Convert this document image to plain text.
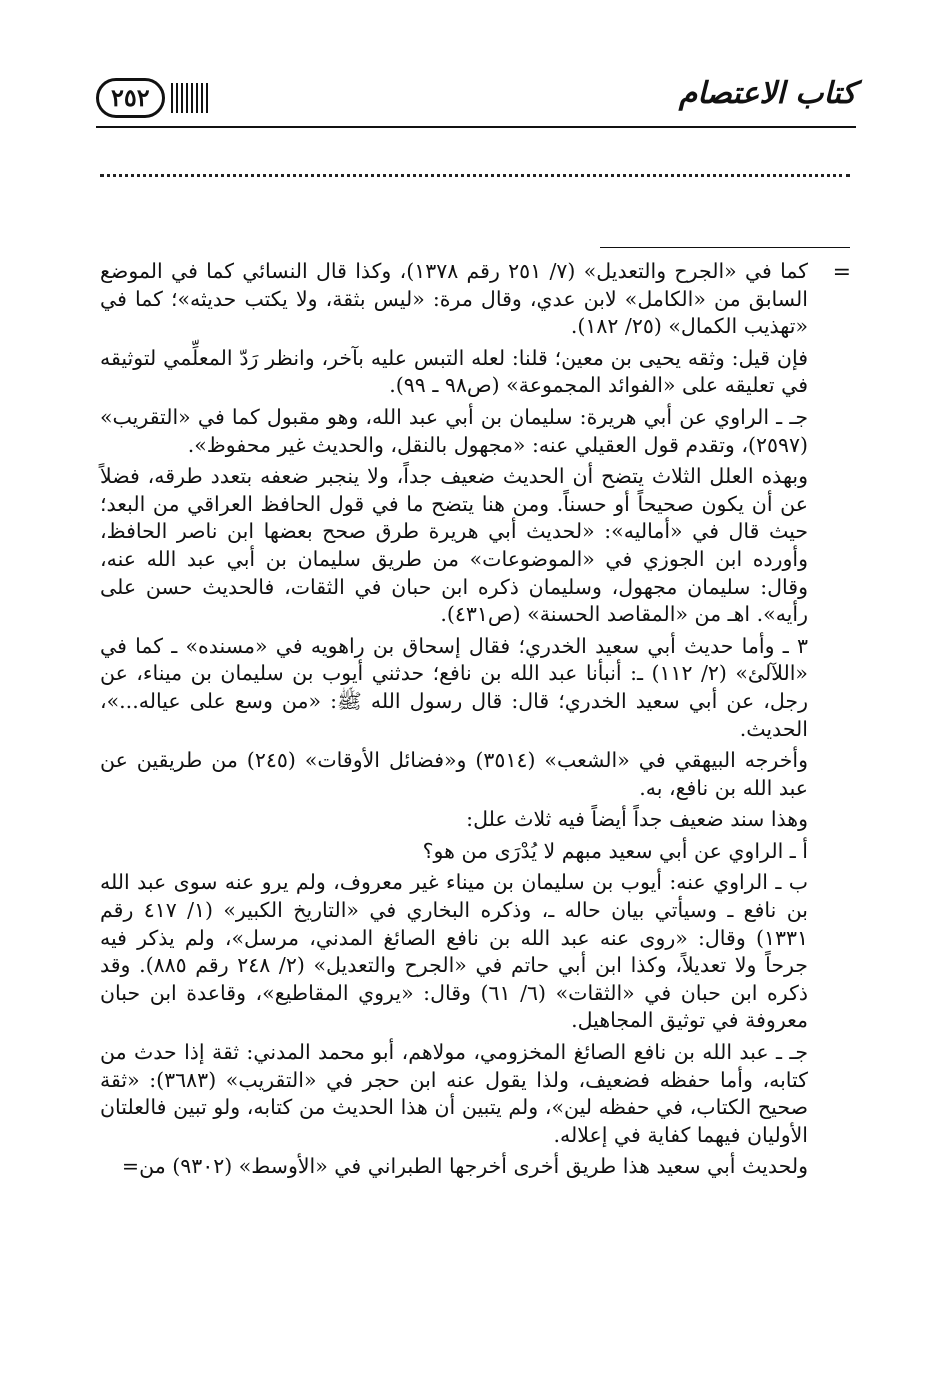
كتاب الاعتصام
٢٥٢
=

كما في «الجرح والتعديل» (٧/ ٢٥١ رقم ١٣٧٨)، وكذا قال النسائي كما في الموضع السابق من «الكامل» لابن عدي، وقال مرة: «ليس بثقة، ولا يكتب حديثه»؛ كما في «تهذيب الكمال» (٢٥/ ١٨٢).

فإن قيل: وثقه يحيى بن معين؛ قلنا: لعله التبس عليه بآخر، وانظر رَدّ المعلِّمي لتوثيقه في تعليقه على «الفوائد المجموعة» (ص٩٨ ـ ٩٩).

جـ ـ الراوي عن أبي هريرة: سليمان بن أبي عبد الله، وهو مقبول كما في «التقريب» (٢٥٩٧)، وتقدم قول العقيلي عنه: «مجهول بالنقل، والحديث غير محفوظ».

وبهذه العلل الثلاث يتضح أن الحديث ضعيف جداً، ولا ينجبر ضعفه بتعدد طرقه، فضلاً عن أن يكون صحيحاً أو حسناً. ومن هنا يتضح ما في قول الحافظ العراقي من البعد؛ حيث قال في «أماليه»: «لحديث أبي هريرة طرق صحح بعضها ابن ناصر الحافظ، وأورده ابن الجوزي في «الموضوعات» من طريق سليمان بن أبي عبد الله عنه، وقال: سليمان مجهول، وسليمان ذكره ابن حبان في الثقات، فالحديث حسن على رأيه». اهـ من «المقاصد الحسنة» (ص٤٣١).

٣ ـ وأما حديث أبي سعيد الخدري؛ فقال إسحاق بن راهويه في «مسنده» ـ كما في «اللآلئ» (٢/ ١١٢) ـ: أنبأنا عبد الله بن نافع؛ حدثني أيوب بن سليمان بن ميناء، عن رجل، عن أبي سعيد الخدري؛ قال: قال رسول الله ﷺ: «من وسع على عياله...»، الحديث.

وأخرجه البيهقي في «الشعب» (٣٥١٤) و«فضائل الأوقات» (٢٤٥) من طريقين عن عبد الله بن نافع، به.

وهذا سند ضعيف جداً أيضاً فيه ثلاث علل:

أ ـ الراوي عن أبي سعيد مبهم لا يُدْرَى من هو؟

ب ـ الراوي عنه: أيوب بن سليمان بن ميناء غير معروف، ولم يرو عنه سوى عبد الله بن نافع ـ وسيأتي بيان حاله ـ، وذكره البخاري في «التاريخ الكبير» (١/ ٤١٧ رقم ١٣٣١) وقال: «روى عنه عبد الله بن نافع الصائغ المدني، مرسل»، ولم يذكر فيه جرحاً ولا تعديلاً، وكذا ابن أبي حاتم في «الجرح والتعديل» (٢/ ٢٤٨ رقم ٨٨٥). وقد ذكره ابن حبان في «الثقات» (٦/ ٦١) وقال: «يروي المقاطيع»، وقاعدة ابن حبان معروفة في توثيق المجاهيل.

جـ ـ عبد الله بن نافع الصائغ المخزومي، مولاهم، أبو محمد المدني: ثقة إذا حدث من كتابه، وأما حفظه فضعيف، ولذا يقول عنه ابن حجر في «التقريب» (٣٦٨٣): «ثقة صحيح الكتاب، في حفظه لين»، ولم يتبين أن هذا الحديث من كتابه، ولو تبين فالعلتان الأوليان فيهما كفاية في إعلاله.

ولحديث أبي سعيد هذا طريق أخرى أخرجها الطبراني في «الأوسط» (٩٣٠٢) من=
